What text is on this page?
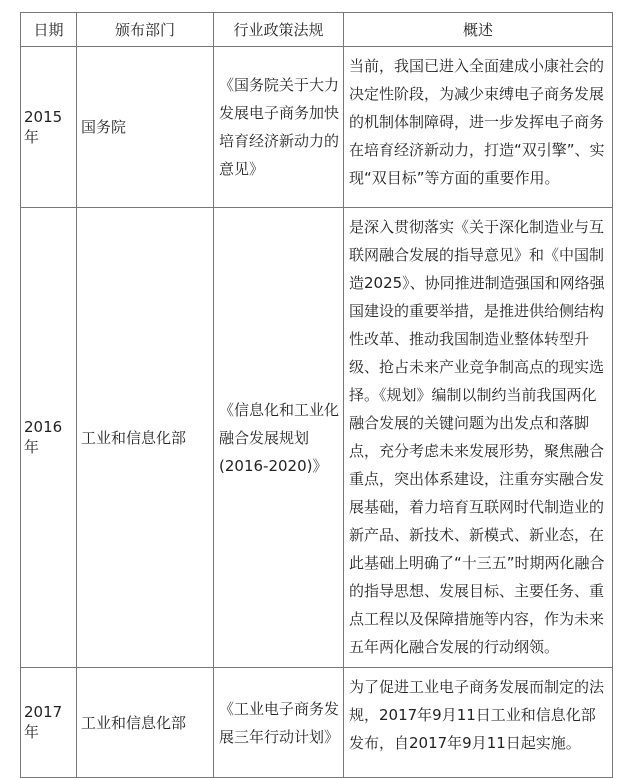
日期	颁布部门	行业政策法规	概述
2015年	国务院	《国务院关于大力发展电子商务加快培育经济新动力的意见》	当前，我国已进入全面建成小康社会的决定性阶段，为减少束缚电子商务发展的机制体制障碍，进一步发挥电子商务在培育经济新动力，打造“双引擎”、实现“双目标”等方面的重要作用。
2016年	工业和信息化部	《信息化和工业化融合发展规划(2016-2020)》	是深入贯彻落实《关于深化制造业与互联网融合发展的指导意见》和《中国制造2025》、协同推进制造强国和网络强国建设的重要举措，是推进供给侧结构性改革、推动我国制造业整体转型升级、抢占未来产业竞争制高点的现实选择。《规划》编制以制约当前我国两化融合发展的关键问题为出发点和落脚点，充分考虑未来发展形势，聚焦融合重点，突出体系建设，注重夯实融合发展基础，着力培育互联网时代制造业的新产品、新技术、新模式、新业态，在此基础上明确了“十三五”时期两化融合的指导思想、发展目标、主要任务、重点工程以及保障措施等内容，作为未来五年两化融合发展的行动纲领。
2017年	工业和信息化部	《工业电子商务发展三年行动计划》	为了促进工业电子商务发展而制定的法规，2017年9月11日工业和信息化部发布，自2017年9月11日起实施。
